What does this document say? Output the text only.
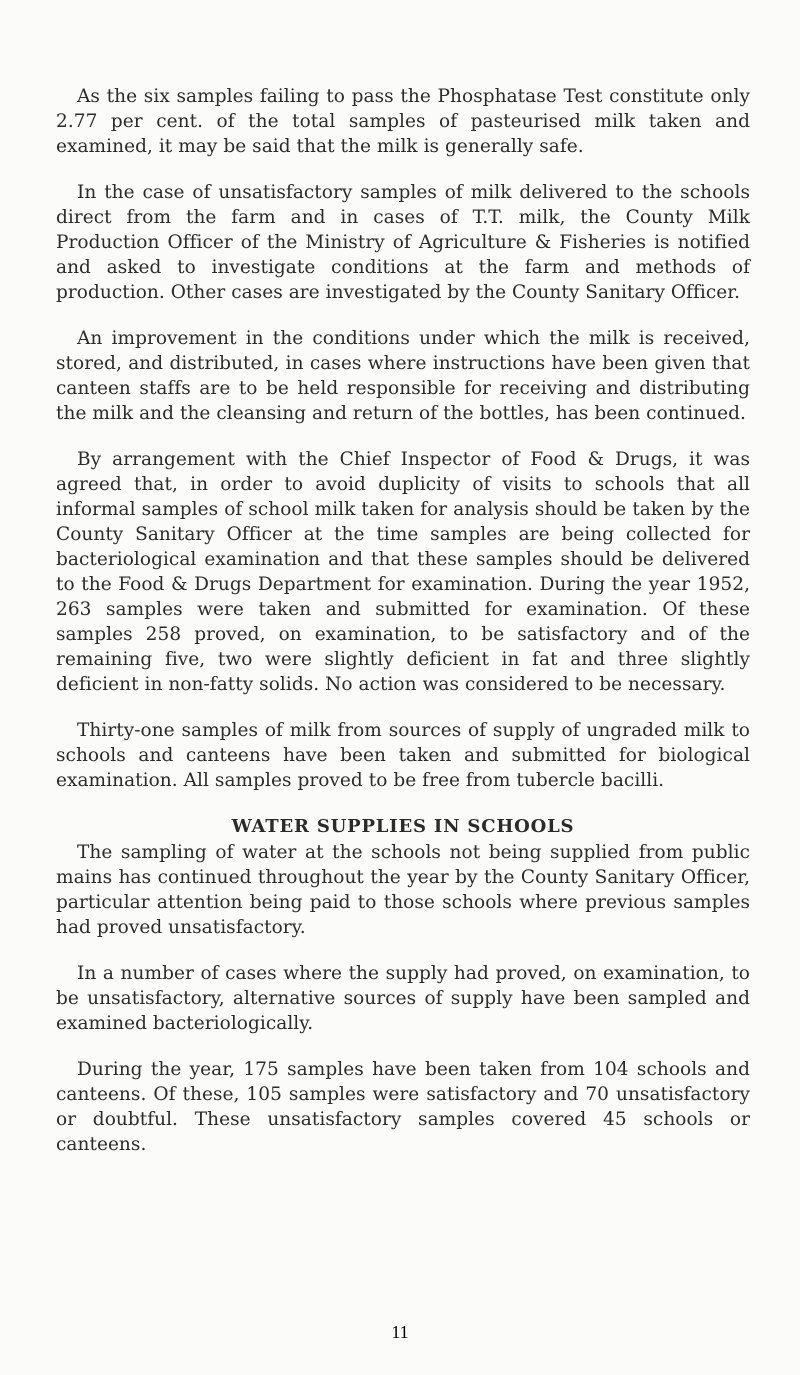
As the six samples failing to pass the Phosphatase Test constitute only 2.77 per cent. of the total samples of pasteurised milk taken and examined, it may be said that the milk is generally safe.

In the case of unsatisfactory samples of milk delivered to the schools direct from the farm and in cases of T.T. milk, the County Milk Production Officer of the Ministry of Agriculture & Fisheries is notified and asked to investigate conditions at the farm and methods of production. Other cases are investigated by the County Sanitary Officer.

An improvement in the conditions under which the milk is received, stored, and distributed, in cases where instructions have been given that canteen staffs are to be held responsible for receiving and distributing the milk and the cleansing and return of the bottles, has been continued.

By arrangement with the Chief Inspector of Food & Drugs, it was agreed that, in order to avoid duplicity of visits to schools that all informal samples of school milk taken for analysis should be taken by the County Sanitary Officer at the time samples are being collected for bacteriological examination and that these samples should be delivered to the Food & Drugs Department for examination. During the year 1952, 263 samples were taken and submitted for examination. Of these samples 258 proved, on examination, to be satisfactory and of the remaining five, two were slightly deficient in fat and three slightly deficient in non-fatty solids. No action was considered to be necessary.

Thirty-one samples of milk from sources of supply of ungraded milk to schools and canteens have been taken and submitted for biological examination. All samples proved to be free from tubercle bacilli.

WATER SUPPLIES IN SCHOOLS

The sampling of water at the schools not being supplied from public mains has continued throughout the year by the County Sanitary Officer, particular attention being paid to those schools where previous samples had proved unsatisfactory.

In a number of cases where the supply had proved, on examination, to be unsatisfactory, alternative sources of supply have been sampled and examined bacteriologically.

During the year, 175 samples have been taken from 104 schools and canteens. Of these, 105 samples were satisfactory and 70 unsatisfactory or doubtful. These unsatisfactory samples covered 45 schools or canteens.

11
